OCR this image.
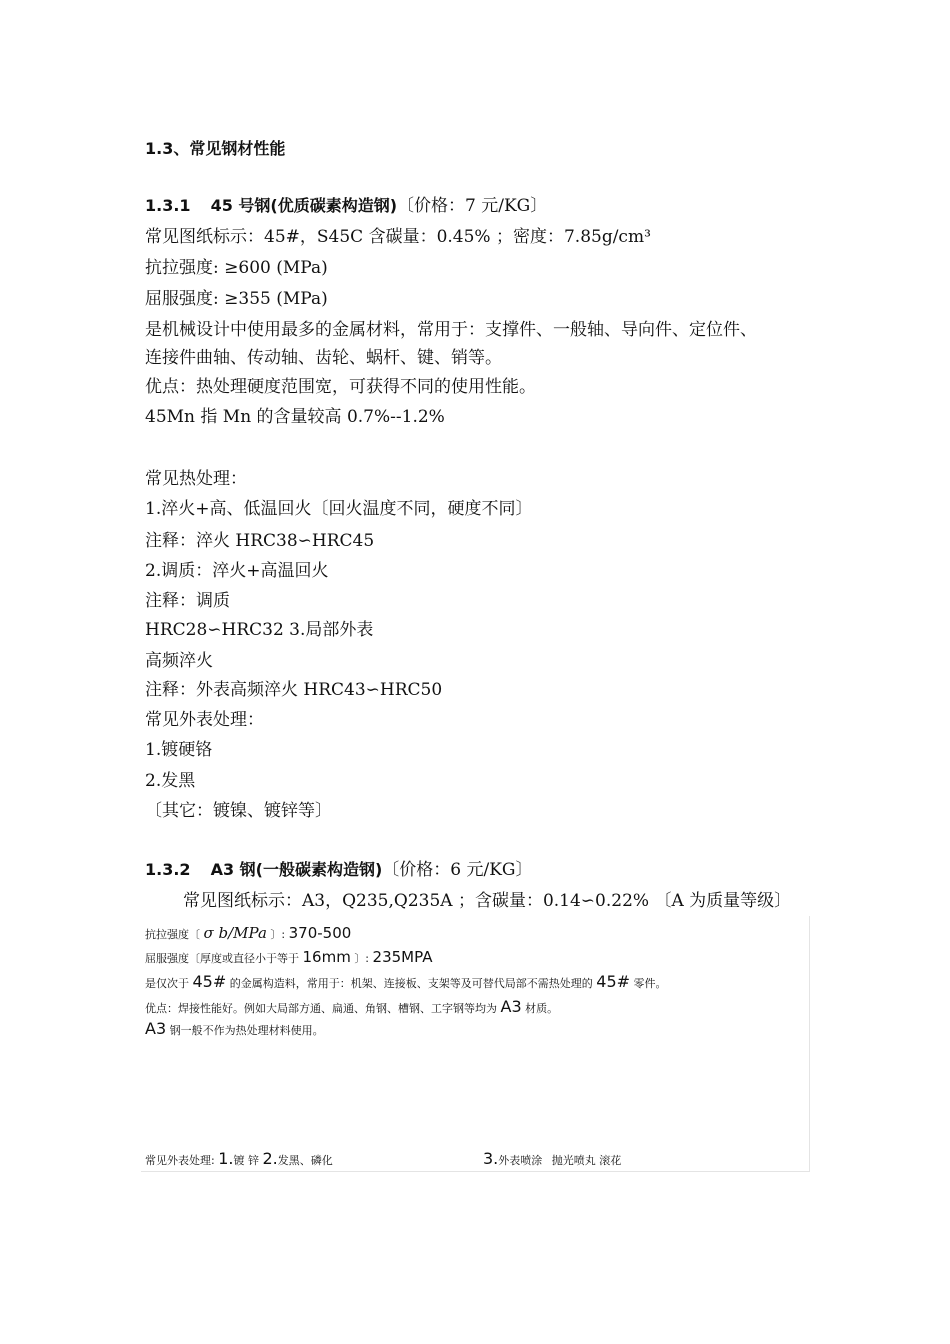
1.3、常见钢材性能
1.3.1 45 号钢(优质碳素构造钢)〔价格：7 元/KG〕
常见图纸标示：45#，S45C 含碳量：0.45% ；密度：7.85g/cm³
抗拉强度: ≥600 (MPa)
屈服强度: ≥355 (MPa)
是机械设计中使用最多的金属材料，常用于：支撑件、一般轴、导向件、定位件、
连接件曲轴、传动轴、齿轮、蜗杆、键、销等。
优点：热处理硬度范围宽，可获得不同的使用性能。
45Mn 指 Mn 的含量较高 0.7%--1.2%
常见热处理：
1.淬火+高、低温回火〔回火温度不同，硬度不同〕
注释：淬火 HRC38∽HRC45
2.调质：淬火+高温回火
注释：调质
HRC28∽HRC32 3.局部外表
高频淬火
注释：外表高频淬火 HRC43∽HRC50
常见外表处理：
1.镀硬铬
2.发黑
〔其它：镀镍、镀锌等〕
1.3.2 A3 钢(一般碳素构造钢)〔价格：6 元/KG〕
常见图纸标示：A3，Q235,Q235A ；含碳量：0.14∽0.22% 〔A 为质量等级〕
抗拉强度〔 σ b/MPa 〕: 370-500
屈服强度〔厚度或直径小于等于 16mm 〕: 235MPA
是仅次于 45# 的金属构造料，常用于：机架、连接板、支架等及可替代局部不需热处理的 45# 零件。
优点：焊接性能好。例如大局部方通、扁通、角钢、槽钢、工字钢等均为 A3 材质。
A3 钢一般不作为热处理材料使用。
常见外表处理: 1.镀 锌 2.发黑、磷化	3.外表喷涂 抛光喷丸 滚花
